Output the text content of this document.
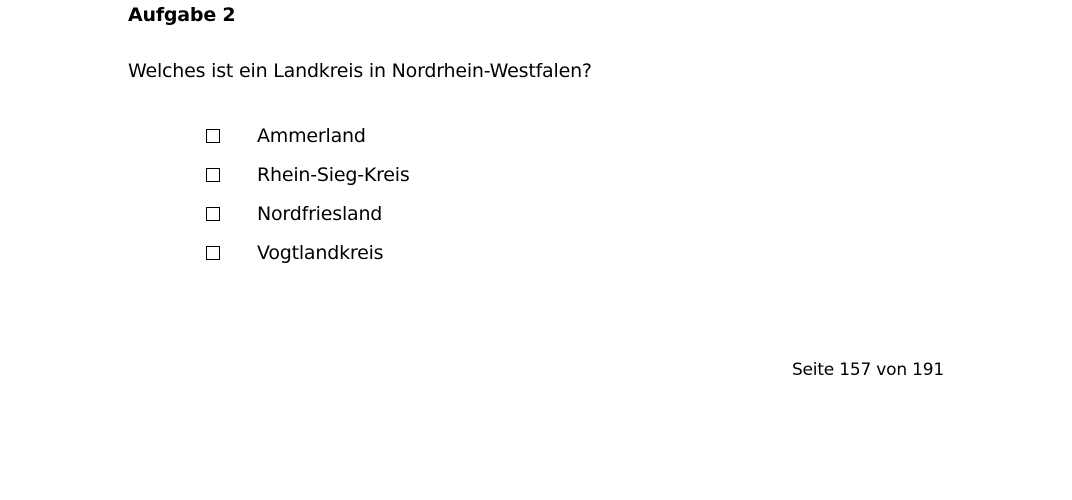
Aufgabe 2
Welches ist ein Landkreis in Nordrhein-Westfalen?
Ammerland
Rhein-Sieg-Kreis
Nordfriesland
Vogtlandkreis
Seite 157 von 191
